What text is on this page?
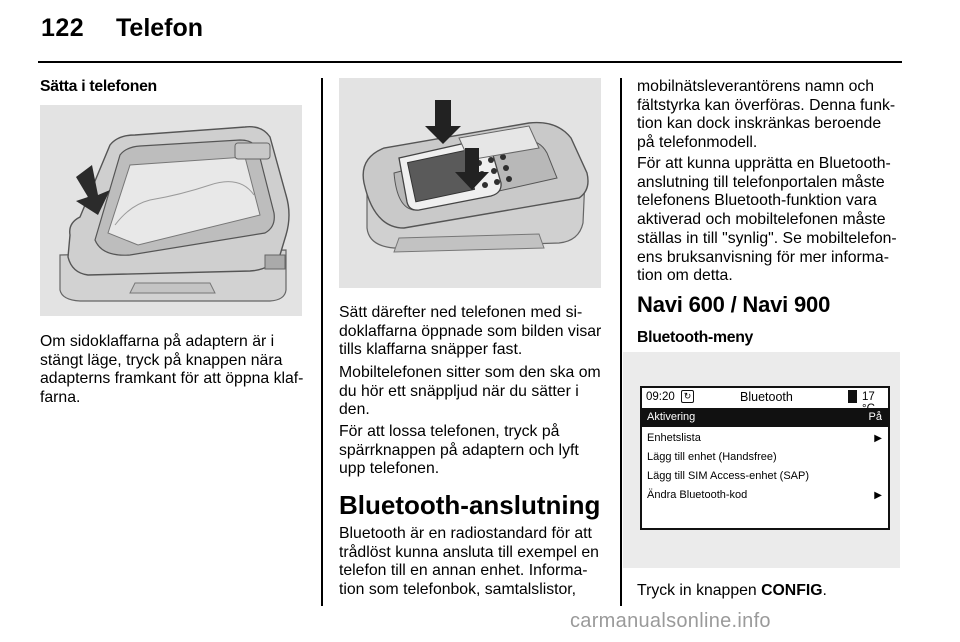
122 Telefon
Sätta i telefonen
Om sidoklaffarna på adaptern är i
stängt läge, tryck på knappen nära
adapterns framkant för att öppna klaf-
farna.
Sätt därefter ned telefonen med si-
doklaffarna öppnade som bilden visar
tills klaffarna snäpper fast.
Mobiltelefonen sitter som den ska om
du hör ett snäppljud när du sätter i
den.
För att lossa telefonen, tryck på
spärrknappen på adaptern och lyft
upp telefonen.
Bluetooth-anslutning
Bluetooth är en radiostandard för att
trådlöst kunna ansluta till exempel en
telefon till en annan enhet. Informa-
tion som telefonbok, samtalslistor,
mobilnätsleverantörens namn och
fältstyrka kan överföras. Denna funk-
tion kan dock inskränkas beroende
på telefonmodell.
För att kunna upprätta en Bluetooth-
anslutning till telefonportalen måste
telefonens Bluetooth-funktion vara
aktiverad och mobiltelefonen måste
ställas in till "synlig". Se mobiltelefon-
ens bruksanvisning för mer informa-
tion om detta.
Navi 600 / Navi 900
Bluetooth-meny
09:20 ↻	Bluetooth	17
Aktivering	På
Enhetslista	▶
Lägg till enhet (Handsfree)
Lägg till SIM Access-enhet (SAP)
Ändra Bluetooth-kod	▶
Tryck in knappen CONFIG.
carmanualsonline.info
